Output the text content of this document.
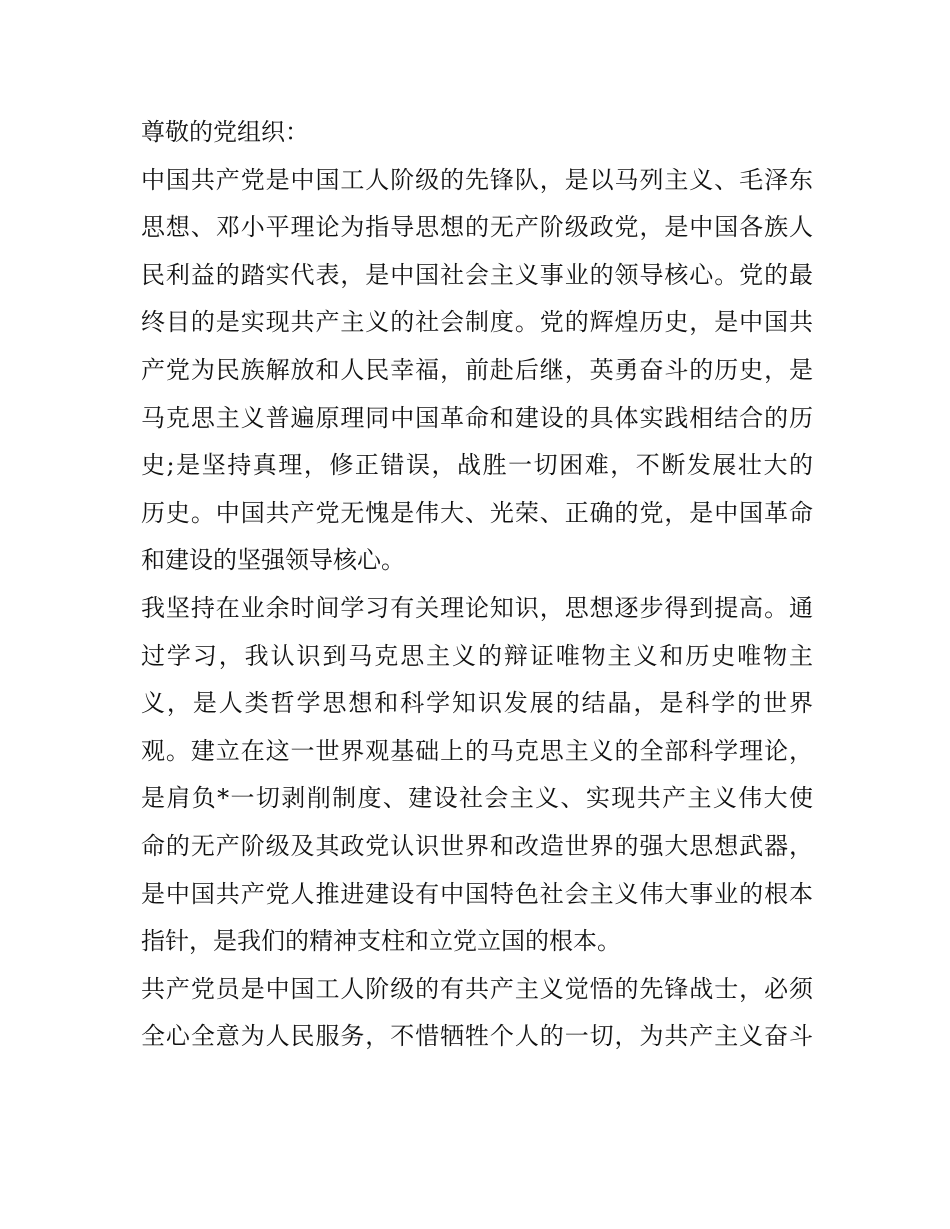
尊敬的党组织：
中国共产党是中国工人阶级的先锋队，是以马列主义、毛泽东
思想、邓小平理论为指导思想的无产阶级政党，是中国各族人
民利益的踏实代表，是中国社会主义事业的领导核心。党的最
终目的是实现共产主义的社会制度。党的辉煌历史，是中国共
产党为民族解放和人民幸福，前赴后继，英勇奋斗的历史，是
马克思主义普遍原理同中国革命和建设的具体实践相结合的历
史;是坚持真理，修正错误，战胜一切困难，不断发展壮大的
历史。中国共产党无愧是伟大、光荣、正确的党，是中国革命
和建设的坚强领导核心。
我坚持在业余时间学习有关理论知识，思想逐步得到提高。通
过学习，我认识到马克思主义的辩证唯物主义和历史唯物主
义，是人类哲学思想和科学知识发展的结晶，是科学的世界
观。建立在这一世界观基础上的马克思主义的全部科学理论，
是肩负*一切剥削制度、建设社会主义、实现共产主义伟大使
命的无产阶级及其政党认识世界和改造世界的强大思想武器，
是中国共产党人推进建设有中国特色社会主义伟大事业的根本
指针，是我们的精神支柱和立党立国的根本。
共产党员是中国工人阶级的有共产主义觉悟的先锋战士，必须
全心全意为人民服务，不惜牺牲个人的一切，为共产主义奋斗
